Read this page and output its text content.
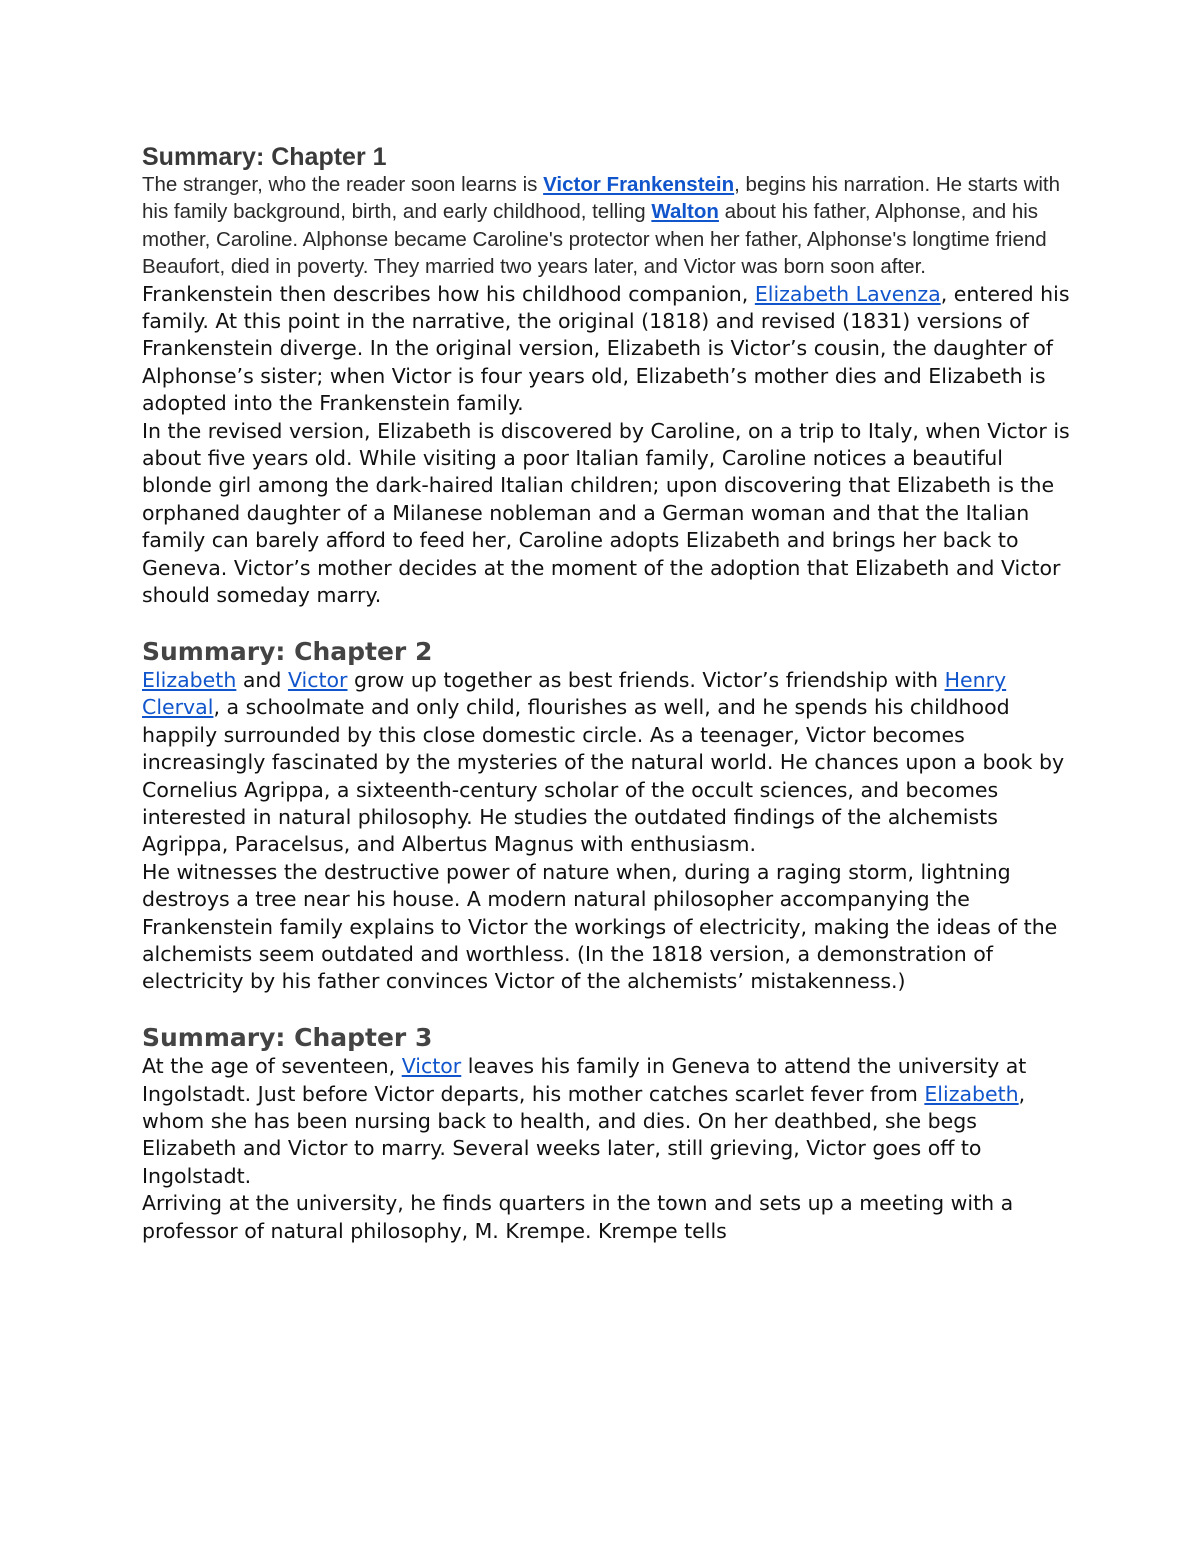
Summary: Chapter 1

The stranger, who the reader soon learns is Victor Frankenstein, begins his narration. He starts with his family background, birth, and early childhood, telling Walton about his father, Alphonse, and his mother, Caroline. Alphonse became Caroline's protector when her father, Alphonse's longtime friend Beaufort, died in poverty. They married two years later, and Victor was born soon after.

Frankenstein then describes how his childhood companion, Elizabeth Lavenza, entered his family. At this point in the narrative, the original (1818) and revised (1831) versions of Frankenstein diverge. In the original version, Elizabeth is Victor’s cousin, the daughter of Alphonse’s sister; when Victor is four years old, Elizabeth’s mother dies and Elizabeth is adopted into the Frankenstein family.

In the revised version, Elizabeth is discovered by Caroline, on a trip to Italy, when Victor is about five years old. While visiting a poor Italian family, Caroline notices a beautiful blonde girl among the dark-haired Italian children; upon discovering that Elizabeth is the orphaned daughter of a Milanese nobleman and a German woman and that the Italian family can barely afford to feed her, Caroline adopts Elizabeth and brings her back to Geneva. Victor’s mother decides at the moment of the adoption that Elizabeth and Victor should someday marry.

Summary: Chapter 2

Elizabeth and Victor grow up together as best friends. Victor’s friendship with Henry Clerval, a schoolmate and only child, flourishes as well, and he spends his childhood happily surrounded by this close domestic circle. As a teenager, Victor becomes increasingly fascinated by the mysteries of the natural world. He chances upon a book by Cornelius Agrippa, a sixteenth-century scholar of the occult sciences, and becomes interested in natural philosophy. He studies the outdated findings of the alchemists Agrippa, Paracelsus, and Albertus Magnus with enthusiasm.

He witnesses the destructive power of nature when, during a raging storm, lightning destroys a tree near his house. A modern natural philosopher accompanying the Frankenstein family explains to Victor the workings of electricity, making the ideas of the alchemists seem outdated and worthless. (In the 1818 version, a demonstration of electricity by his father convinces Victor of the alchemists’ mistakenness.)

Summary: Chapter 3

At the age of seventeen, Victor leaves his family in Geneva to attend the university at Ingolstadt. Just before Victor departs, his mother catches scarlet fever from Elizabeth, whom she has been nursing back to health, and dies. On her deathbed, she begs Elizabeth and Victor to marry. Several weeks later, still grieving, Victor goes off to Ingolstadt.

Arriving at the university, he finds quarters in the town and sets up a meeting with a professor of natural philosophy, M. Krempe. Krempe tells
